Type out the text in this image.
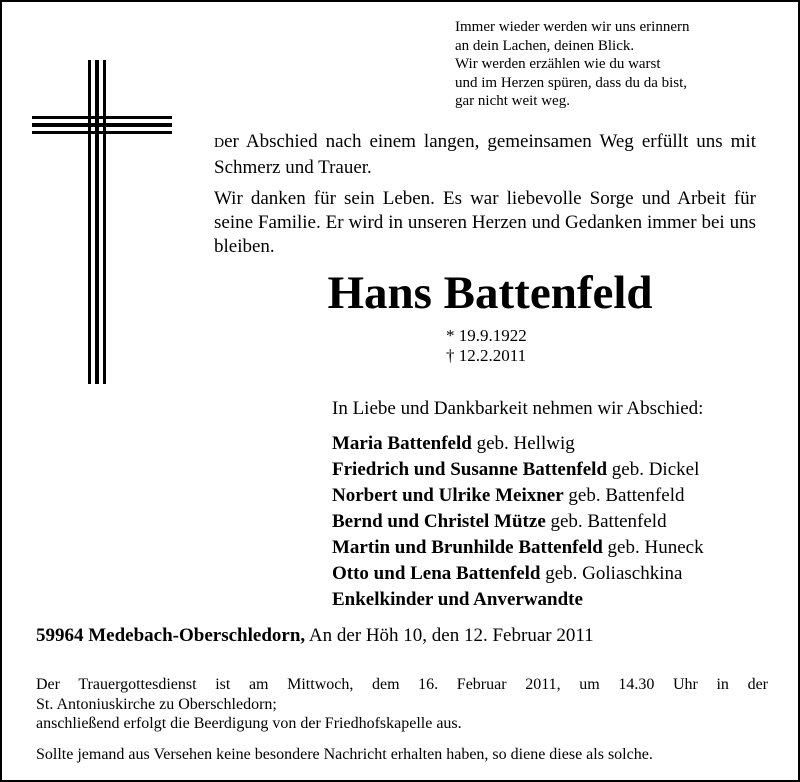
Immer wieder werden wir uns erinnern
an dein Lachen, deinen Blick.
Wir werden erzählen wie du warst
und im Herzen spüren, dass du da bist,
gar nicht weit weg.

Der Abschied nach einem langen, gemeinsamen Weg erfüllt uns mit Schmerz und Trauer.

Wir danken für sein Leben. Es war liebevolle Sorge und Arbeit für seine Familie. Er wird in unseren Herzen und Gedanken immer bei uns bleiben.

Hans Battenfeld
* 19.9.1922
† 12.2.2011
In Liebe und Dankbarkeit nehmen wir Abschied:
Maria Battenfeld geb. Hellwig
Friedrich und Susanne Battenfeld geb. Dickel
Norbert und Ulrike Meixner geb. Battenfeld
Bernd und Christel Mütze geb. Battenfeld
Martin und Brunhilde Battenfeld geb. Huneck
Otto und Lena Battenfeld geb. Goliaschkina
Enkelkinder und Anverwandte
59964 Medebach-Oberschledorn, An der Höh 10, den 12. Februar 2011
Der Trauergottesdienst ist am Mittwoch, dem 16. Februar 2011, um 14.30 Uhr in der
St. Antoniuskirche zu Oberschledorn;
anschließend erfolgt die Beerdigung von der Friedhofskapelle aus.
Sollte jemand aus Versehen keine besondere Nachricht erhalten haben, so diene diese als solche.
